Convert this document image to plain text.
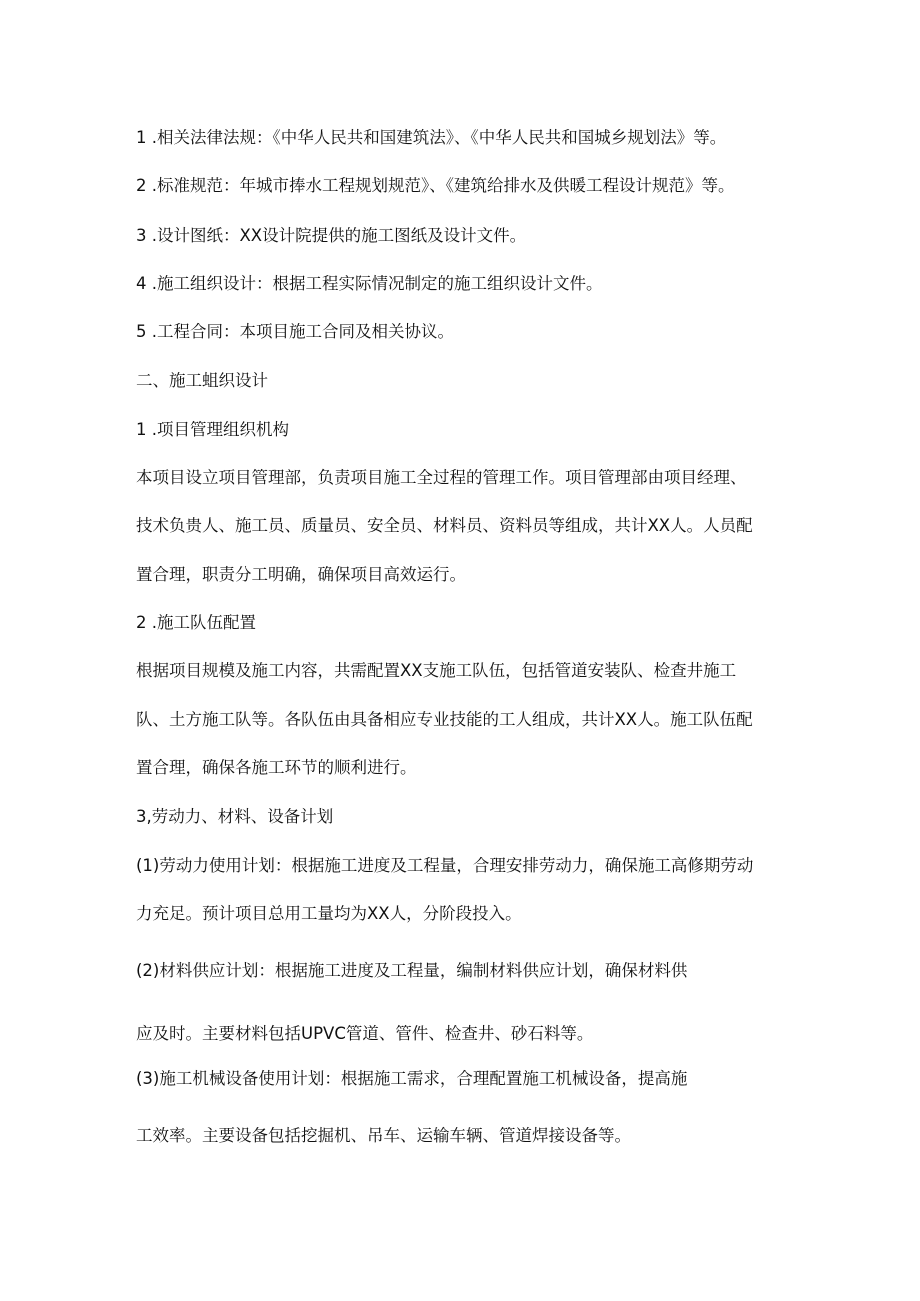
1 .相关法律法规：《中华人民共和国建筑法》、《中华人民共和国城乡规划法》等。
2 .标准规范：年城市捧水工程规划规范》、《建筑给排水及供暖工程设计规范》等。
3 .设计图纸：XX设计院提供的施工图纸及设计文件。
4 .施工组织设计：根据工程实际情况制定的施工组织设计文件。
5 .工程合同：本项目施工合同及相关协议。
二、施工蛆织设计
1 .项目管理组织机构
本项目设立项目管理部，负责项目施工全过程的管理工作。项目管理部由项目经理、
技术负贵人、施工员、质量员、安全员、材料员、资料员等组成，共计XX人。人员配
置合理，职责分工明确，确保项目高效运行。
2 .施工队伍配置
根据项目规模及施工内容，共需配置XX支施工队伍，包括管道安装队、检查井施工
队、土方施工队等。各队伍由具备相应专业技能的工人组成，共计XX人。施工队伍配
置合理，确保各施工环节的顺利进行。
3,劳动力、材料、设备计划
(1)劳动力使用计划：根据施工进度及工程量，合理安排劳动力，确保施工高修期劳动
力充足。预计项目总用工量均为XX人，分阶段投入。
(2)材料供应计划：根据施工进度及工程量，编制材料供应计划，确保材料供
应及时。主要材料包括UPVC管道、管件、检查井、砂石料等。
(3)施工机械设备使用计划：根据施工需求，合理配置施工机械设备，提高施
工效率。主要设备包括挖掘机、吊车、运输车辆、管道焊接设备等。
